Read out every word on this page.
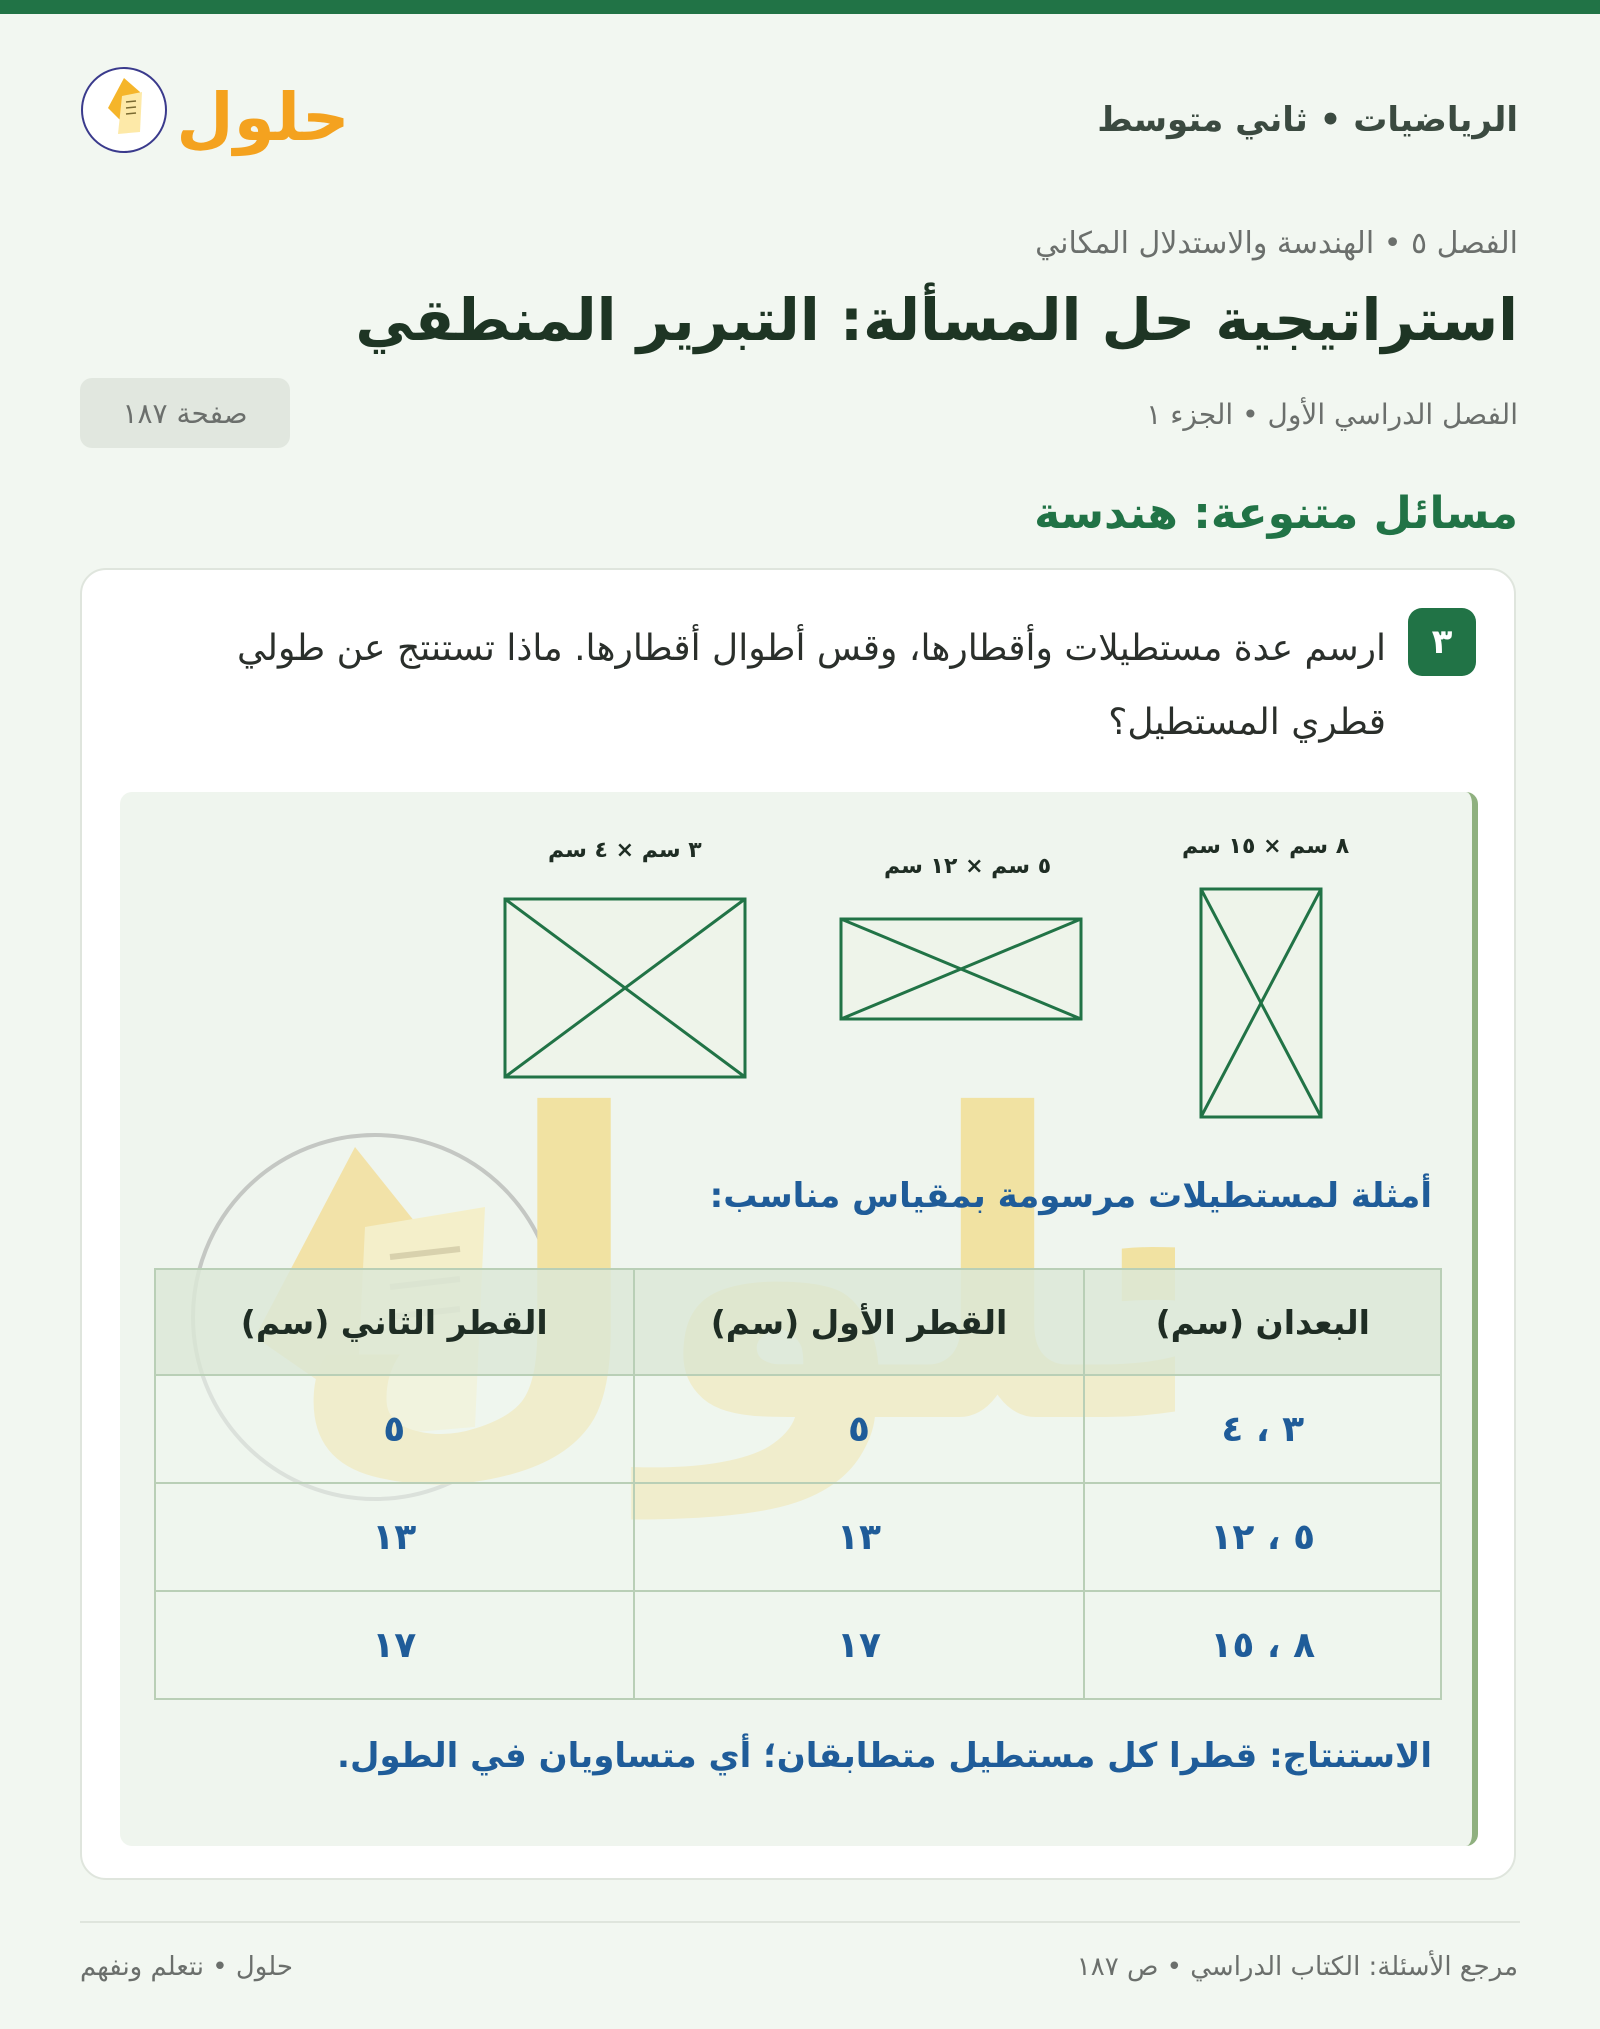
الرياضيات • ثاني متوسط
حلول
الفصل ٥ • الهندسة والاستدلال المكاني
استراتيجية حل المسألة: التبرير المنطقي
الفصل الدراسي الأول • الجزء ١
صفحة ١٨٧
مسائل متنوعة: هندسة
٣
ارسم عدة مستطيلات وأقطارها، وقس أطوال أقطارها. ماذا تستنتج عن طولي قطري المستطيل؟
٣ سم × ٤ سم
٥ سم × ١٢ سم
٨ سم × ١٥ سم
أمثلة لمستطيلات مرسومة بمقياس مناسب:
البعدان (سم)	القطر الأول (سم)	القطر الثاني (سم)
٣ ، ٤	٥	٥
٥ ، ١٢	١٣	١٣
٨ ، ١٥	١٧	١٧
الاستنتاج: قطرا كل مستطيل متطابقان؛ أي متساويان في الطول.
مرجع الأسئلة: الكتاب الدراسي • ص ١٨٧
حلول • نتعلم ونفهم
